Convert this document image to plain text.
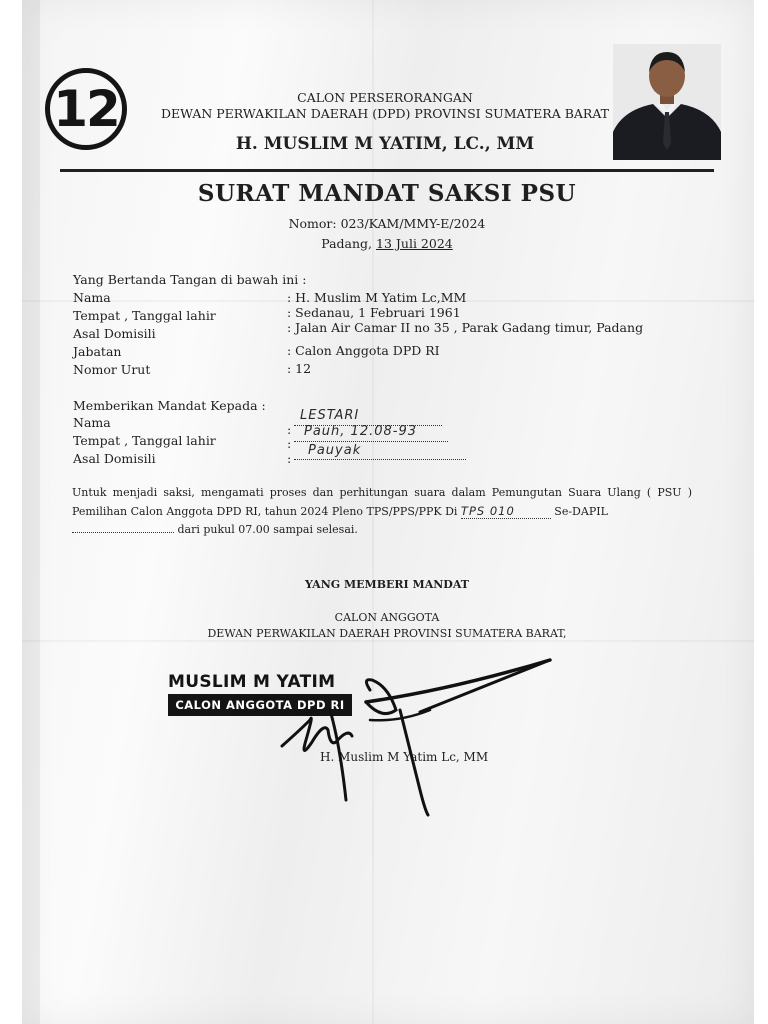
12	CALON PERSERORANGAN
DEWAN PERWAKILAN DAERAH (DPD) PROVINSI SUMATERA BARAT
H. MUSLIM M YATIM, LC., MM
SURAT MANDAT SAKSI PSU
Nomor: 023/KAM/MMY-E/2024
Padang, 13 Juli 2024
Yang Bertanda Tangan di bawah ini :
Nama	: H. Muslim M Yatim Lc,MM
Tempat , Tanggal lahir	: Sedanau, 1 Februari 1961
Asal Domisili	: Jalan Air Camar II no 35 , Parak Gadang timur, Padang
Jabatan	: Calon Anggota DPD RI
Nomor Urut	: 12
Memberikan Mandat Kepada :
Nama	:
LESTARI
Tempat , Tanggal lahir	:
Pauh, 12.08-93
Asal Domisili	:
Pauyak
Untuk menjadi saksi, mengamati proses dan perhitungan suara dalam Pemungutan Suara Ulang ( PSU ) Pemilihan Calon Anggota DPD RI, tahun 2024 Pleno TPS/PPS/PPK Di TPS 010	Se-DAPIL
dari pukul 07.00 sampai selesai.
YANG MEMBERI MANDAT
CALON ANGGOTA
DEWAN PERWAKILAN DAERAH PROVINSI SUMATERA BARAT,
MUSLIM M YATIM
CALON ANGGOTA DPD RI
H. Muslim M Yatim Lc, MM
